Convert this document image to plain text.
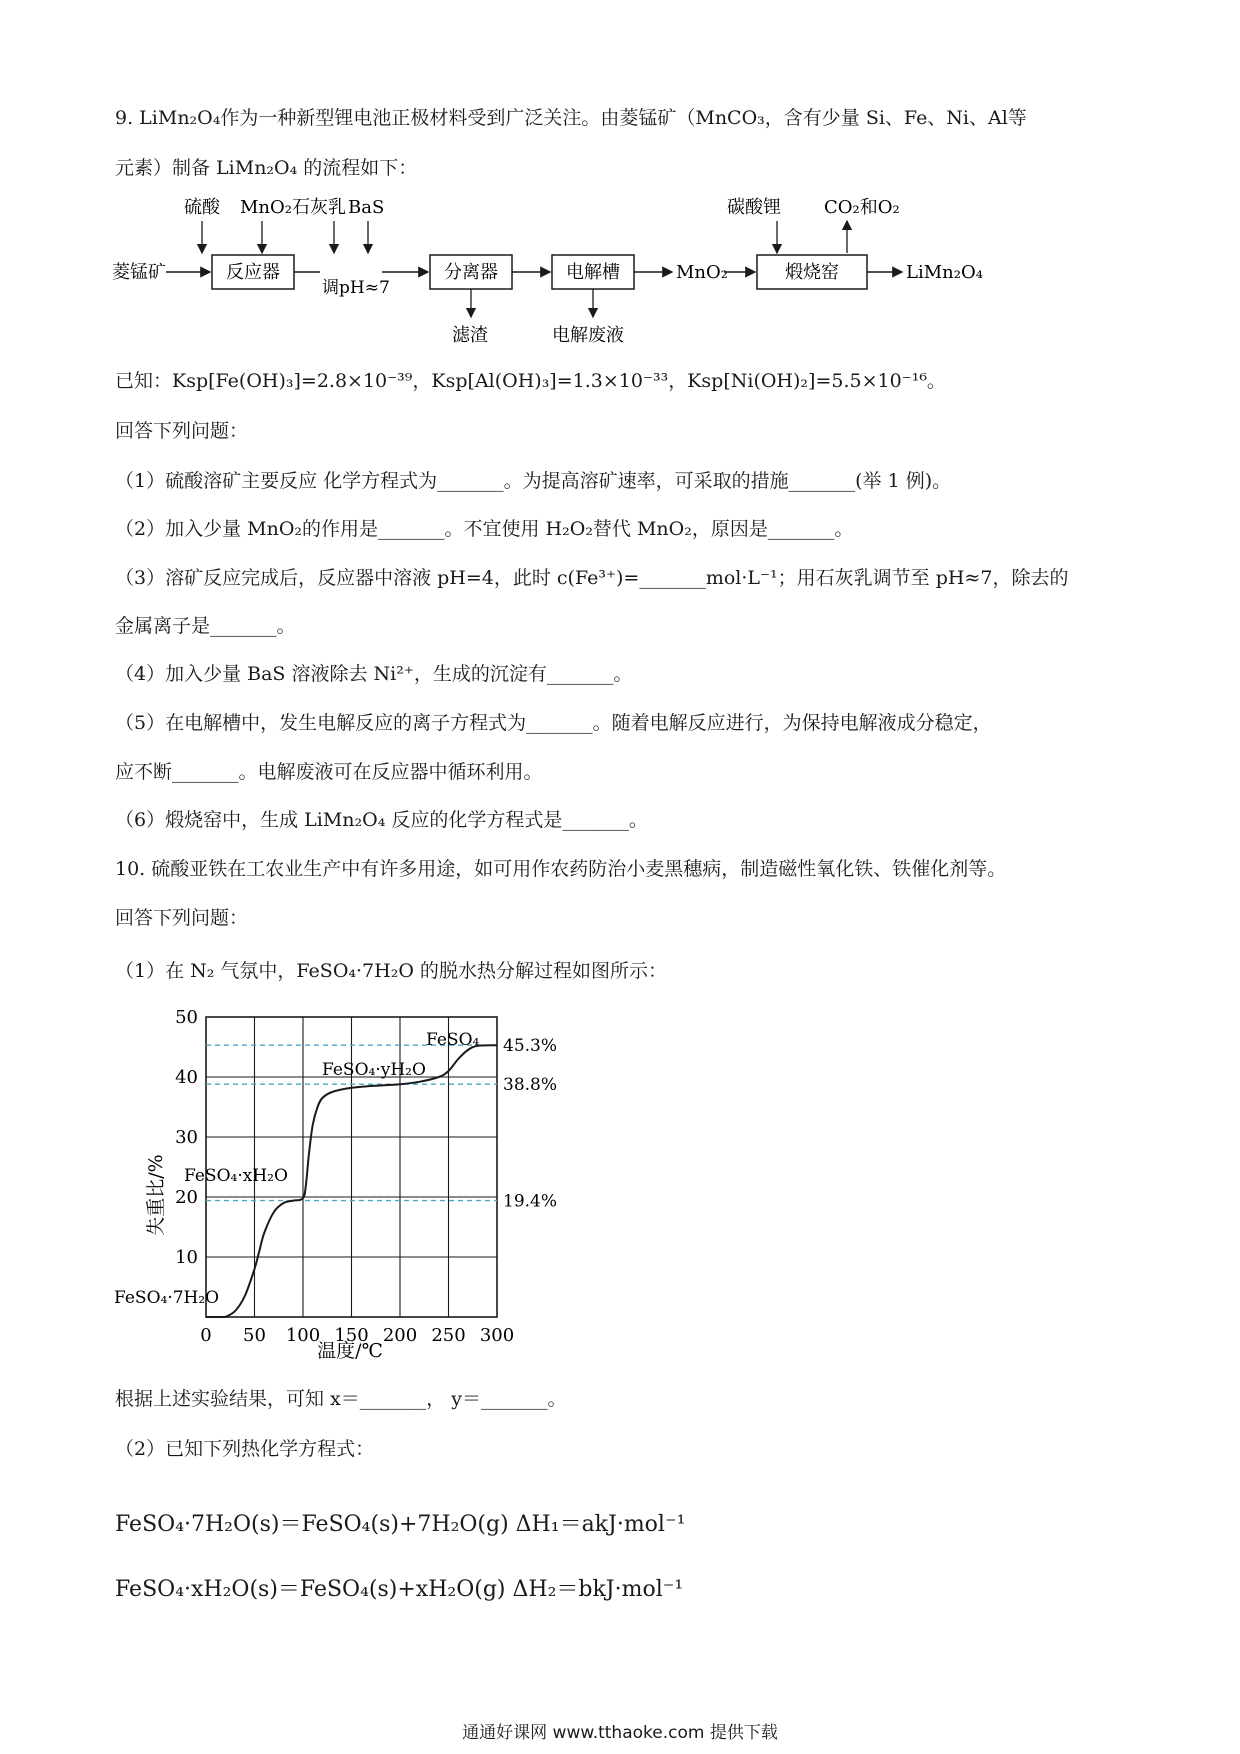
9. LiMn₂O₄作为一种新型锂电池正极材料受到广泛关注。由菱锰矿（MnCO₃，含有少量 Si、Fe、Ni、Al等
元素）制备 LiMn₂O₄ 的流程如下：
反应器	分离器	电解槽	煅烧窑
菱锰矿
调pH≈7
MnO₂	LiMn₂O₄
硫酸 MnO₂ 石灰乳 BaS
滤渣	电解废液
碳酸锂 CO₂和O₂
已知：Ksp[Fe(OH)₃]=2.8×10⁻³⁹，Ksp[Al(OH)₃]=1.3×10⁻³³，Ksp[Ni(OH)₂]=5.5×10⁻¹⁶。
回答下列问题：
（1）硫酸溶矿主要反应 化学方程式为_______。为提高溶矿速率，可采取的措施_______(举 1 例)。
（2）加入少量 MnO₂的作用是_______。不宜使用 H₂O₂替代 MnO₂，原因是_______。
（3）溶矿反应完成后，反应器中溶液 pH=4，此时 c(Fe³⁺)=_______mol·L⁻¹；用石灰乳调节至 pH≈7，除去的
金属离子是_______。
（4）加入少量 BaS 溶液除去 Ni²⁺，生成的沉淀有_______。
（5）在电解槽中，发生电解反应的离子方程式为_______。随着电解反应进行，为保持电解液成分稳定，
应不断_______。电解废液可在反应器中循环利用。
（6）煅烧窑中，生成 LiMn₂O₄ 反应的化学方程式是_______。
10. 硫酸亚铁在工农业生产中有许多用途，如可用作农药防治小麦黑穗病，制造磁性氧化铁、铁催化剂等。
回答下列问题：
（1）在 N₂ 气氛中，FeSO₄·7H₂O 的脱水热分解过程如图所示：
45.3%
38.8%
19.4%
0 50 100 150 200 250 300
10
20
30
40
50
温度/℃
失重比/%
FeSO₄
FeSO₄·yH₂O
FeSO₄·xH₂O
FeSO₄·7H₂O
根据上述实验结果，可知 x＝_______， y＝_______。
（2）已知下列热化学方程式：
FeSO₄·7H₂O(s)＝FeSO₄(s)+7H₂O(g) ΔH₁＝akJ·mol⁻¹
FeSO₄·xH₂O(s)＝FeSO₄(s)+xH₂O(g) ΔH₂＝bkJ·mol⁻¹
通通好课网 www.tthaoke.com 提供下载
